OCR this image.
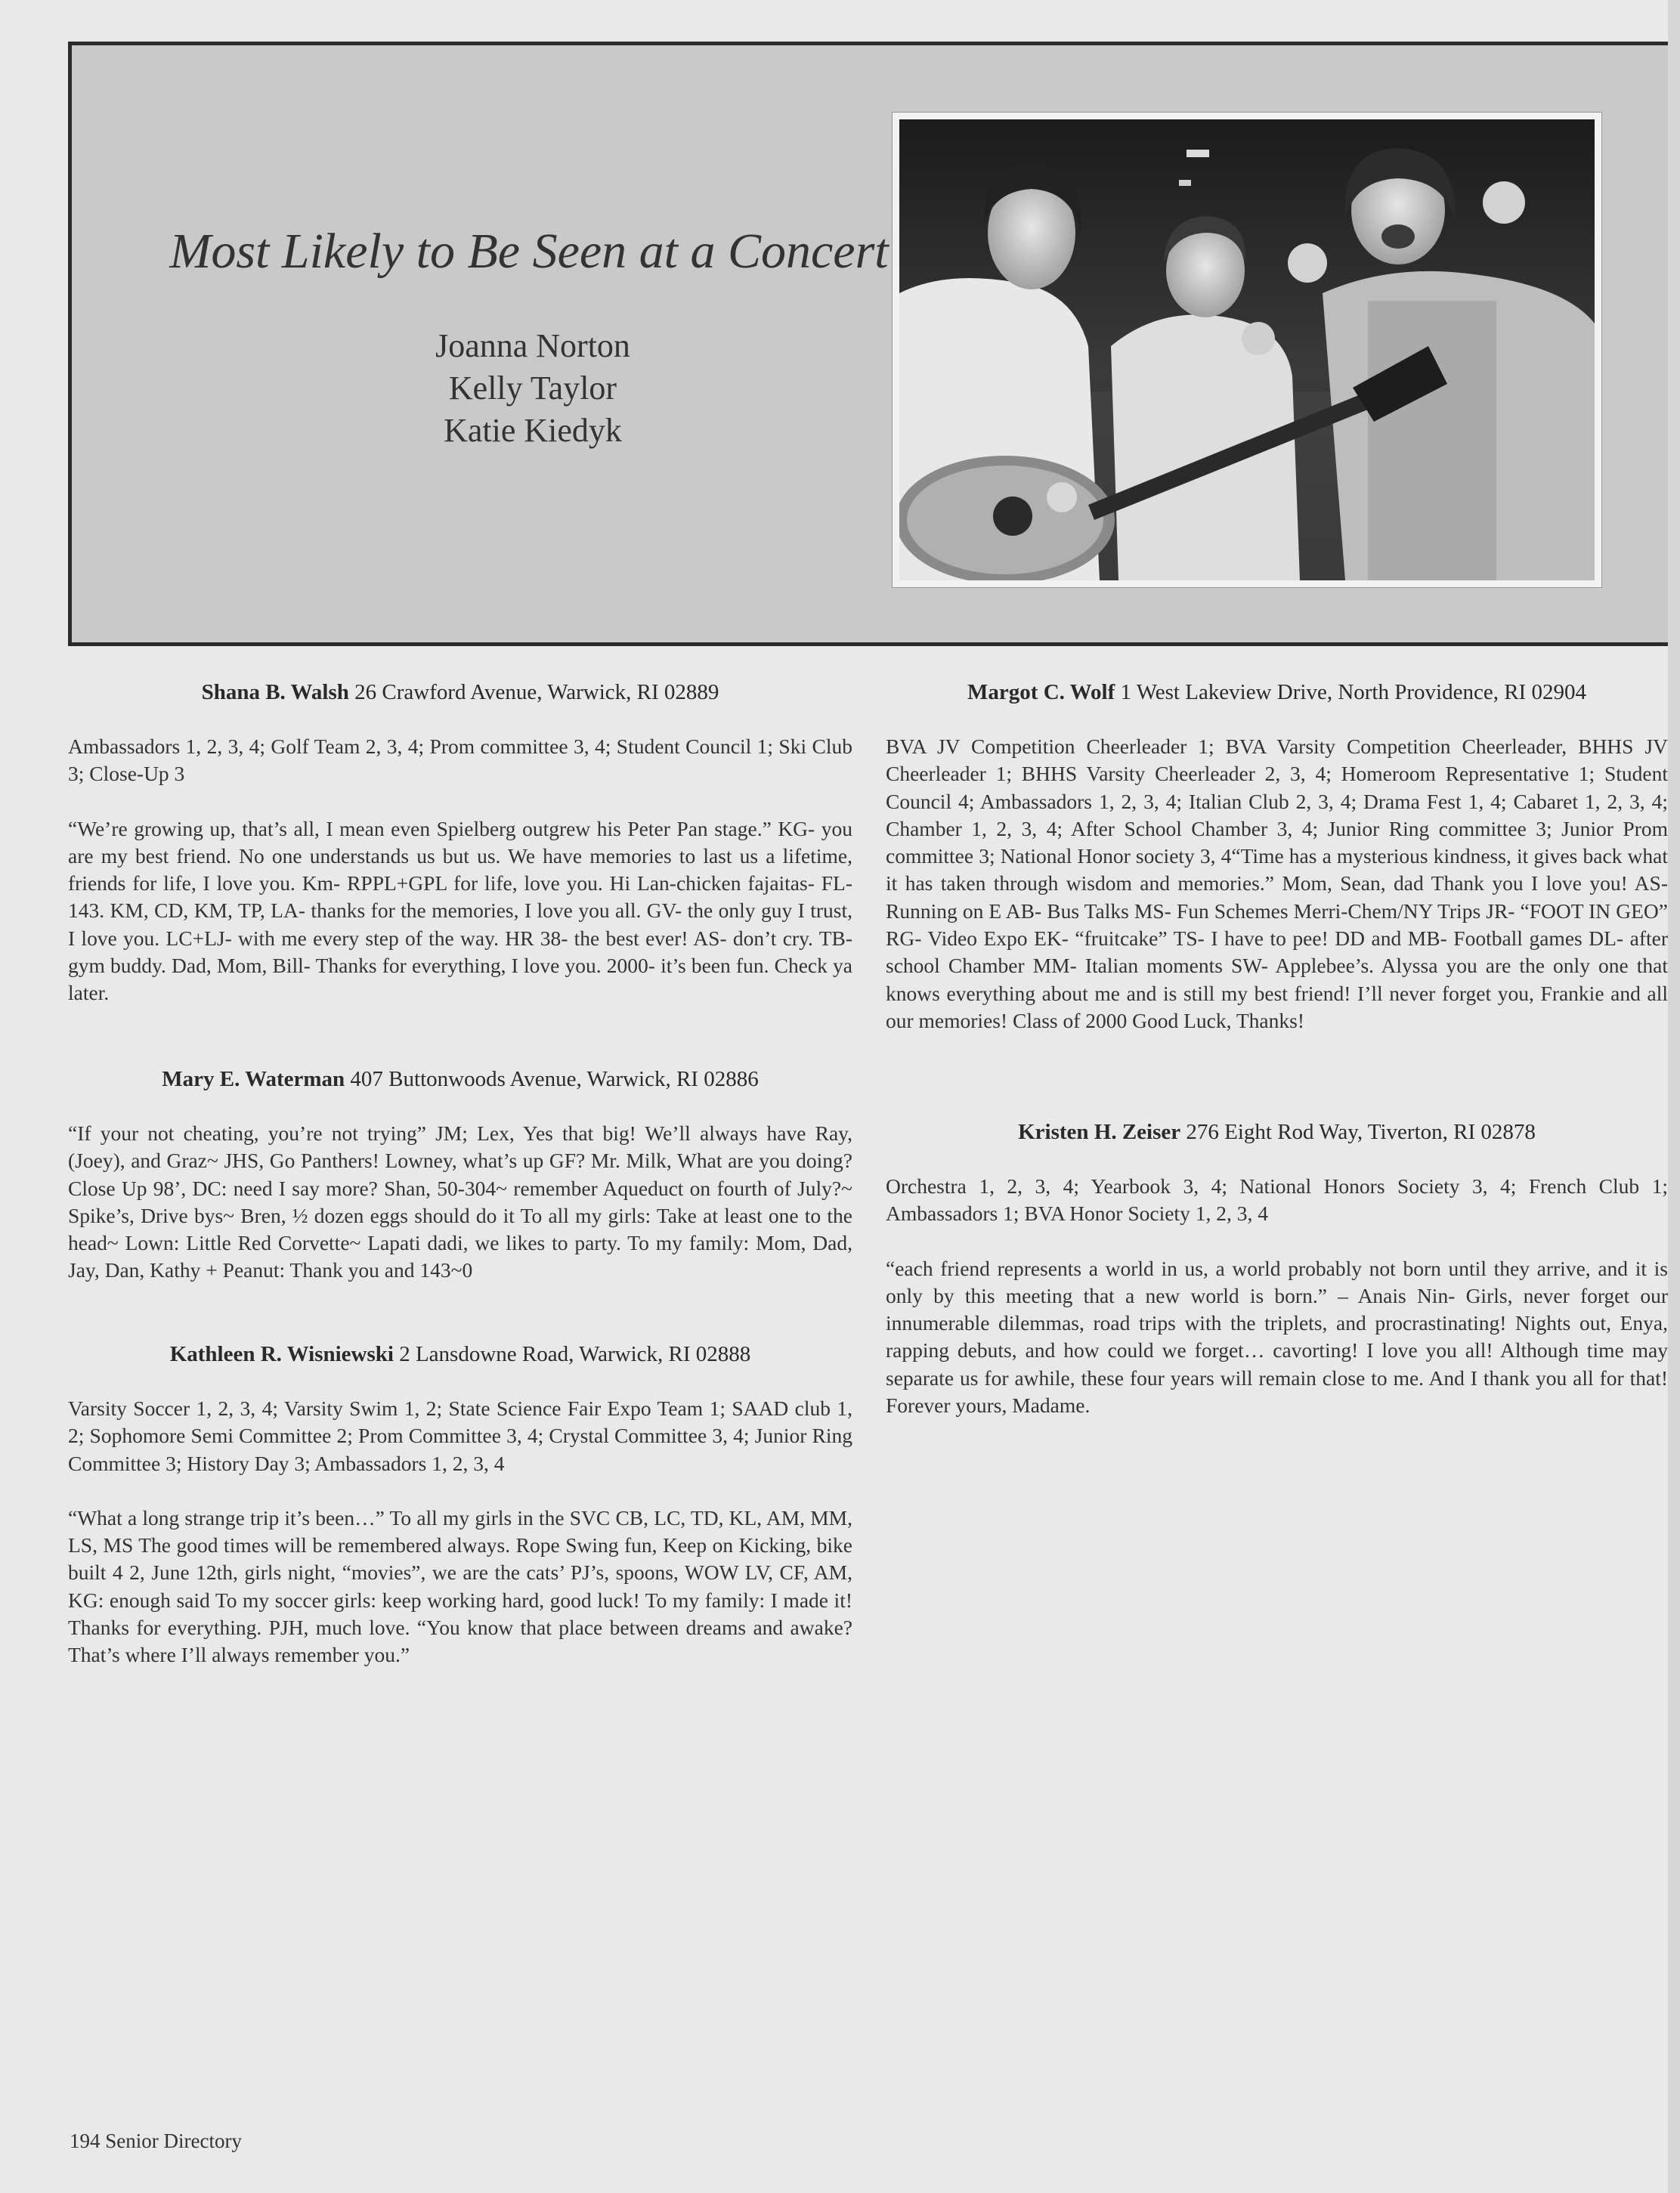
Most Likely to Be Seen at a Concert
Joanna Norton
Kelly Taylor
Katie Kiedyk
Shana B. Walsh 26 Crawford Avenue, Warwick, RI 02889

Ambassadors 1, 2, 3, 4; Golf Team 2, 3, 4; Prom committee 3, 4; Student Council 1; Ski Club 3; Close-Up 3

“We’re growing up, that’s all, I mean even Spielberg outgrew his Peter Pan stage.” KG- you are my best friend. No one understands us but us. We have memories to last us a lifetime, friends for life, I love you. Km- RPPL+GPL for life, love you. Hi Lan-chicken fajaitas- FL- 143. KM, CD, KM, TP, LA- thanks for the memories, I love you all. GV- the only guy I trust, I love you. LC+LJ- with me every step of the way. HR 38- the best ever! AS- don’t cry. TB- gym buddy. Dad, Mom, Bill- Thanks for everything, I love you. 2000- it’s been fun. Check ya later.

Mary E. Waterman 407 Buttonwoods Avenue, Warwick, RI 02886

“If your not cheating, you’re not trying” JM; Lex, Yes that big! We’ll always have Ray, (Joey), and Graz~ JHS, Go Panthers! Lowney, what’s up GF? Mr. Milk, What are you doing? Close Up 98’, DC: need I say more? Shan, 50-304~ remember Aqueduct on fourth of July?~ Spike’s, Drive bys~ Bren, ½ dozen eggs should do it To all my girls: Take at least one to the head~ Lown: Little Red Corvette~ Lapati dadi, we likes to party. To my family: Mom, Dad, Jay, Dan, Kathy + Peanut: Thank you and 143~0

Kathleen R. Wisniewski 2 Lansdowne Road, Warwick, RI 02888

Varsity Soccer 1, 2, 3, 4; Varsity Swim 1, 2; State Science Fair Expo Team 1; SAAD club 1, 2; Sophomore Semi Committee 2; Prom Committee 3, 4; Crystal Committee 3, 4; Junior Ring Committee 3; History Day 3; Ambassadors 1, 2, 3, 4

“What a long strange trip it’s been…” To all my girls in the SVC CB, LC, TD, KL, AM, MM, LS, MS The good times will be remembered always. Rope Swing fun, Keep on Kicking, bike built 4 2, June 12th, girls night, “movies”, we are the cats’ PJ’s, spoons, WOW LV, CF, AM, KG: enough said To my soccer girls: keep working hard, good luck! To my family: I made it! Thanks for everything. PJH, much love. “You know that place between dreams and awake? That’s where I’ll always remember you.”

Margot C. Wolf 1 West Lakeview Drive, North Providence, RI 02904

BVA JV Competition Cheerleader 1; BVA Varsity Competition Cheerleader, BHHS JV Cheerleader 1; BHHS Varsity Cheerleader 2, 3, 4; Homeroom Representative 1; Student Council 4; Ambassadors 1, 2, 3, 4; Italian Club 2, 3, 4; Drama Fest 1, 4; Cabaret 1, 2, 3, 4; Chamber 1, 2, 3, 4; After School Chamber 3, 4; Junior Ring committee 3; Junior Prom committee 3; National Honor society 3, 4“Time has a mysterious kindness, it gives back what it has taken through wisdom and memories.” Mom, Sean, dad Thank you I love you! AS- Running on E AB- Bus Talks MS- Fun Schemes Merri-Chem/NY Trips JR- “FOOT IN GEO” RG- Video Expo EK- “fruitcake” TS- I have to pee! DD and MB- Football games DL- after school Chamber MM- Italian moments SW- Applebee’s. Alyssa you are the only one that knows everything about me and is still my best friend! I’ll never forget you, Frankie and all our memories! Class of 2000 Good Luck, Thanks!

Kristen H. Zeiser 276 Eight Rod Way, Tiverton, RI 02878

Orchestra 1, 2, 3, 4; Yearbook 3, 4; National Honors Society 3, 4; French Club 1; Ambassadors 1; BVA Honor Society 1, 2, 3, 4

“each friend represents a world in us, a world probably not born until they arrive, and it is only by this meeting that a new world is born.” – Anais Nin- Girls, never forget our innumerable dilemmas, road trips with the triplets, and procrastinating! Nights out, Enya, rapping debuts, and how could we forget… cavorting! I love you all! Although time may separate us for awhile, these four years will remain close to me. And I thank you all for that! Forever yours, Madame.

194 Senior Directory
